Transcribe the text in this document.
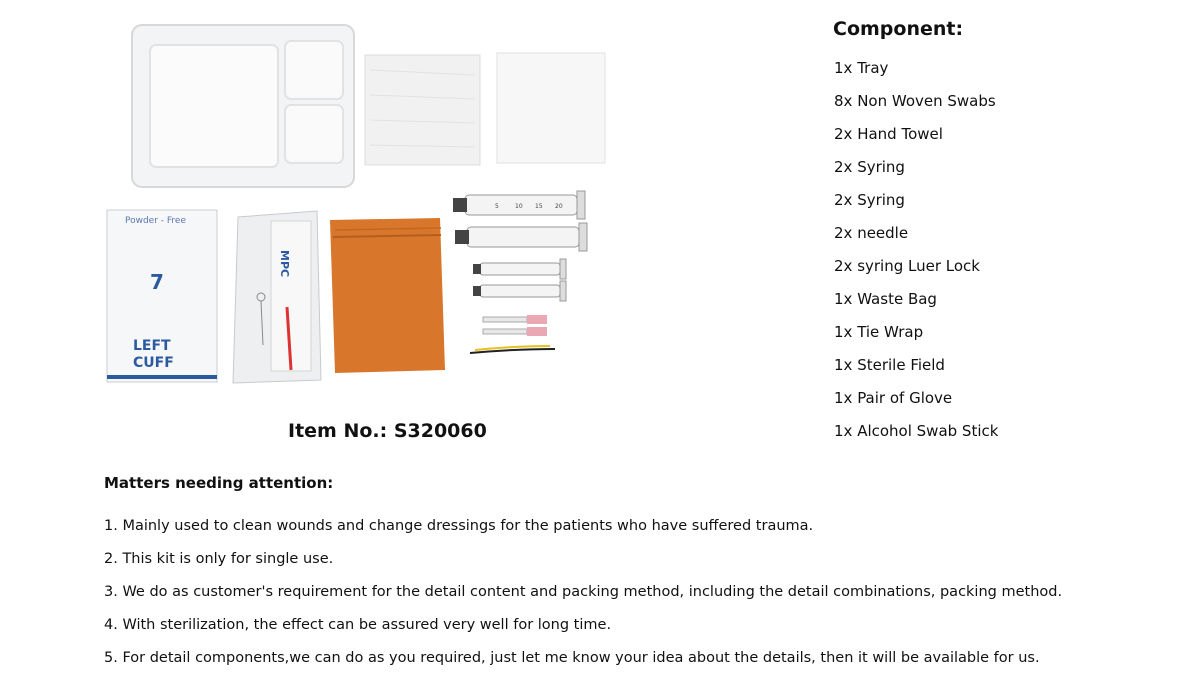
Powder - Free
7
LEFT
CUFF
MPC
5	10 15 20
Item No.: S320060
Component:
1x Tray
8x Non Woven Swabs
2x Hand Towel
2x Syring
2x Syring
2x needle
2x syring Luer Lock
1x Waste Bag
1x Tie Wrap
1x Sterile Field
1x Pair of Glove
1x Alcohol Swab Stick
Matters needing attention:
1. Mainly used to clean wounds and change dressings for the patients who have suffered trauma.
2. This kit is only for single use.
3. We do as customer's requirement for the detail content and packing method, including the detail combinations, packing method.
4. With sterilization, the effect can be assured very well for long time.
5. For detail components,we can do as you required, just let me know your idea about the details, then it will be available for us.
